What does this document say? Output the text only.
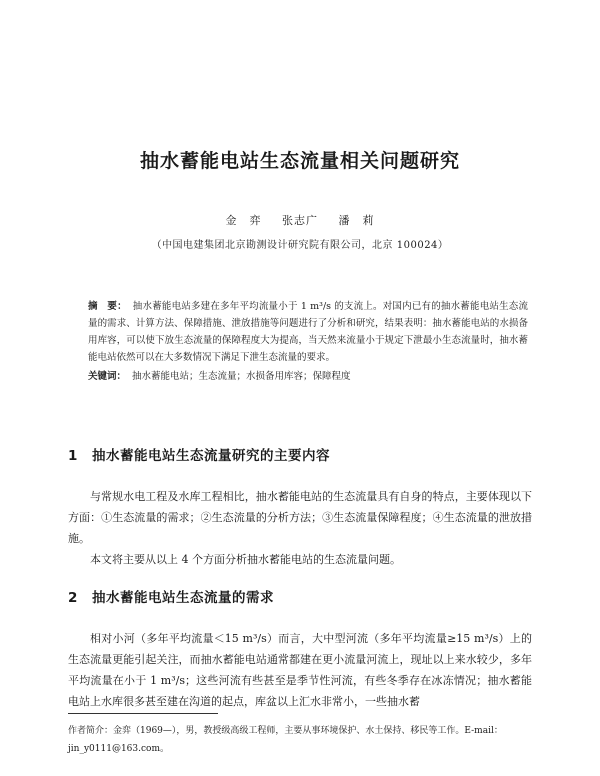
抽水蓄能电站生态流量相关问题研究
金　弈 张志广 潘　莉
（中国电建集团北京勘测设计研究院有限公司，北京 100024）
摘　要： 抽水蓄能电站多建在多年平均流量小于 1 m³/s 的支流上。对国内已有的抽水蓄能电站生态流量的需求、计算方法、保障措施、泄放措施等问题进行了分析和研究，结果表明：抽水蓄能电站的水损备用库容，可以使下放生态流量的保障程度大为提高，当天然来流量小于规定下泄最小生态流量时，抽水蓄能电站依然可以在大多数情况下满足下泄生态流量的要求。
关键词： 抽水蓄能电站；生态流量；水损备用库容；保障程度
1 抽水蓄能电站生态流量研究的主要内容

与常规水电工程及水库工程相比，抽水蓄能电站的生态流量具有自身的特点，主要体现以下方面：①生态流量的需求；②生态流量的分析方法；③生态流量保障程度；④生态流量的泄放措施。

本文将主要从以上 4 个方面分析抽水蓄能电站的生态流量问题。

2 抽水蓄能电站生态流量的需求

相对小河（多年平均流量＜15 m³/s）而言，大中型河流（多年平均流量≥15 m³/s）上的生态流量更能引起关注，而抽水蓄能电站通常都建在更小流量河流上，现址以上来水较少，多年平均流量在小于 1 m³/s；这些河流有些甚至是季节性河流，有些冬季存在冰冻情况；抽水蓄能电站上水库很多甚至建在沟道的起点，库盆以上汇水非常小，一些抽水蓄

作者简介：金弈（1969—），男，教授级高级工程师，主要从事环境保护、水土保持、移民等工作。E-mail：jin_y0111@163.com。
